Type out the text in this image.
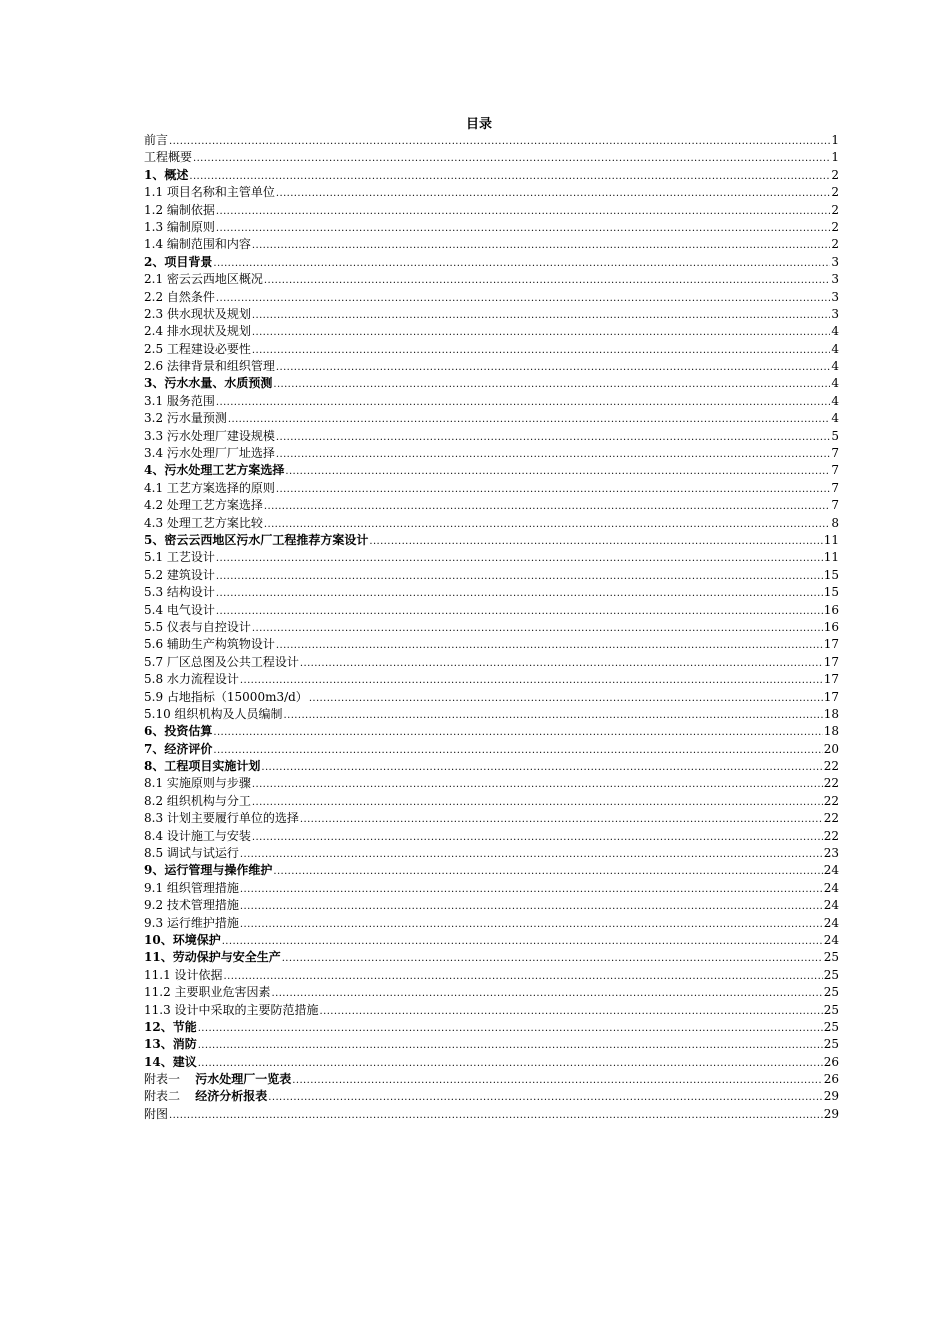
目录
前言 .....	1
工程概要 .....	1
1、概述 .....	2
1.1 项目名称和主管单位 .....	2
1.2 编制依据 .....	2
1.3 编制原则 .....	2
1.4 编制范围和内容 .....	2
2、项目背景 .....	3
2.1 密云云西地区概况 .....	3
2.2 自然条件 .....	3
2.3 供水现状及规划 .....	3
2.4 排水现状及规划 .....	4
2.5 工程建设必要性 .....	4
2.6 法律背景和组织管理 .....	4
3、污水水量、水质预测 .....	4
3.1 服务范围 .....	4
3.2 污水量预测 .....	4
3.3 污水处理厂建设规模 .....	5
3.4 污水处理厂厂址选择 .....	7
4、污水处理工艺方案选择 .....	7
4.1 工艺方案选择的原则 .....	7
4.2 处理工艺方案选择 .....	7
4.3 处理工艺方案比较 .....	8
5、密云云西地区污水厂工程推荐方案设计 .....	11
5.1 工艺设计 .....	11
5.2 建筑设计 .....	15
5.3 结构设计 .....	15
5.4 电气设计 .....	16
5.5 仪表与自控设计 .....	16
5.6 辅助生产构筑物设计 .....	17
5.7 厂区总图及公共工程设计 .....	17
5.8 水力流程设计 .....	17
5.9 占地指标（15000m3/d） .....	17
5.10 组织机构及人员编制 .....	18
6、投资估算 .....	18
7、经济评价 .....	20
8、工程项目实施计划 .....	22
8.1 实施原则与步骤 .....	22
8.2 组织机构与分工 .....	22
8.3 计划主要履行单位的选择 .....	22
8.4 设计施工与安装 .....	22
8.5 调试与试运行 .....	23
9、运行管理与操作维护 .....	24
9.1 组织管理措施 .....	24
9.2 技术管理措施 .....	24
9.3 运行维护措施 .....	24
10、环境保护 .....	24
11、劳动保护与安全生产 .....	25
11.1 设计依据 .....	25
11.2 主要职业危害因素 .....	25
11.3 设计中采取的主要防范措施 .....	25
12、节能 .....	25
13、消防 .....	25
14、建议 .....	26
附表一 污水处理厂一览表 .....	26
附表二 经济分析报表 .....	29
附图 .....	29
